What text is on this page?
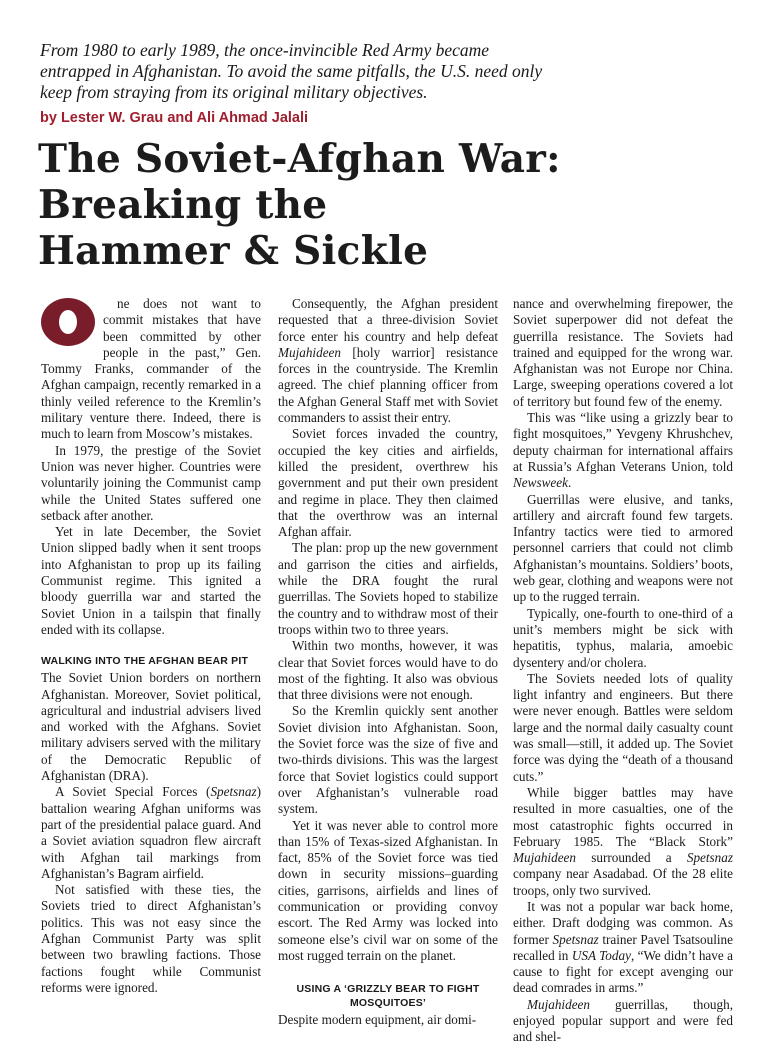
From 1980 to early 1989, the once-invincible Red Army became entrapped in Afghanistan. To avoid the same pitfalls, the U.S. need only keep from straying from its original military objectives.
by Lester W. Grau and Ali Ahmad Jalali
The Soviet-Afghan War:
Breaking the
Hammer & Sickle

ne does not want to commit mistakes that have been committed by other people in the past,” Gen. Tommy Franks, commander of the Afghan campaign, recently remarked in a thinly veiled reference to the Kremlin’s military venture there. Indeed, there is much to learn from Moscow’s mistakes.

In 1979, the prestige of the Soviet Union was never higher. Countries were voluntarily joining the Communist camp while the United States suffered one setback after another.

Yet in late December, the Soviet Union slipped badly when it sent troops into Afghanistan to prop up its failing Communist regime. This ignited a bloody guerrilla war and started the Soviet Union in a tailspin that finally ended with its collapse.

WALKING INTO THE AFGHAN BEAR PIT

The Soviet Union borders on northern Afghanistan. Moreover, Soviet political, agricultural and industrial advisers lived and worked with the Afghans. Soviet military advisers served with the military of the Democratic Republic of Afghanistan (DRA).

A Soviet Special Forces (Spetsnaz) battalion wearing Afghan uniforms was part of the presidential palace guard. And a Soviet aviation squadron flew aircraft with Afghan tail markings from Afghanistan’s Bagram airfield.

Not satisfied with these ties, the Soviets tried to direct Afghanistan’s politics. This was not easy since the Afghan Communist Party was split between two brawling factions. Those factions fought while Communist reforms were ignored.

Consequently, the Afghan president requested that a three-division Soviet force enter his country and help defeat Mujahideen [holy warrior] resistance forces in the countryside. The Kremlin agreed. The chief planning officer from the Afghan General Staff met with Soviet commanders to assist their entry.

Soviet forces invaded the country, occupied the key cities and airfields, killed the president, overthrew his government and put their own president and regime in place. They then claimed that the overthrow was an internal Afghan affair.

The plan: prop up the new government and garrison the cities and airfields, while the DRA fought the rural guerrillas. The Soviets hoped to stabilize the country and to withdraw most of their troops within two to three years.

Within two months, however, it was clear that Soviet forces would have to do most of the fighting. It also was obvious that three divisions were not enough.

So the Kremlin quickly sent another Soviet division into Afghanistan. Soon, the Soviet force was the size of five and two-thirds divisions. This was the largest force that Soviet logistics could support over Afghanistan’s vulnerable road system.

Yet it was never able to control more than 15% of Texas-sized Afghanistan. In fact, 85% of the Soviet force was tied down in security missions–guarding cities, garrisons, airfields and lines of communication or providing convoy escort. The Red Army was locked into someone else’s civil war on some of the most rugged terrain on the planet.

USING A ‘GRIZZLY BEAR TO FIGHT MOSQUITOES’

Despite modern equipment, air domi-

nance and overwhelming firepower, the Soviet superpower did not defeat the guerrilla resistance. The Soviets had trained and equipped for the wrong war. Afghanistan was not Europe nor China. Large, sweeping operations covered a lot of territory but found few of the enemy.

This was “like using a grizzly bear to fight mosquitoes,” Yevgeny Khrushchev, deputy chairman for international affairs at Russia’s Afghan Veterans Union, told Newsweek.

Guerrillas were elusive, and tanks, artillery and aircraft found few targets. Infantry tactics were tied to armored personnel carriers that could not climb Afghanistan’s mountains. Soldiers’ boots, web gear, clothing and weapons were not up to the rugged terrain.

Typically, one-fourth to one-third of a unit’s members might be sick with hepatitis, typhus, malaria, amoebic dysentery and/or cholera.

The Soviets needed lots of quality light infantry and engineers. But there were never enough. Battles were seldom large and the normal daily casualty count was small—still, it added up. The Soviet force was dying the “death of a thousand cuts.”

While bigger battles may have resulted in more casualties, one of the most catastrophic fights occurred in February 1985. The “Black Stork” Mujahideen surrounded a Spetsnaz company near Asadabad. Of the 28 elite troops, only two survived.

It was not a popular war back home, either. Draft dodging was common. As former Spetsnaz trainer Pavel Tsatsouline recalled in USA Today, “We didn’t have a cause to fight for except avenging our dead comrades in arms.”

Mujahideen guerrillas, though, enjoyed popular support and were fed and shel-
